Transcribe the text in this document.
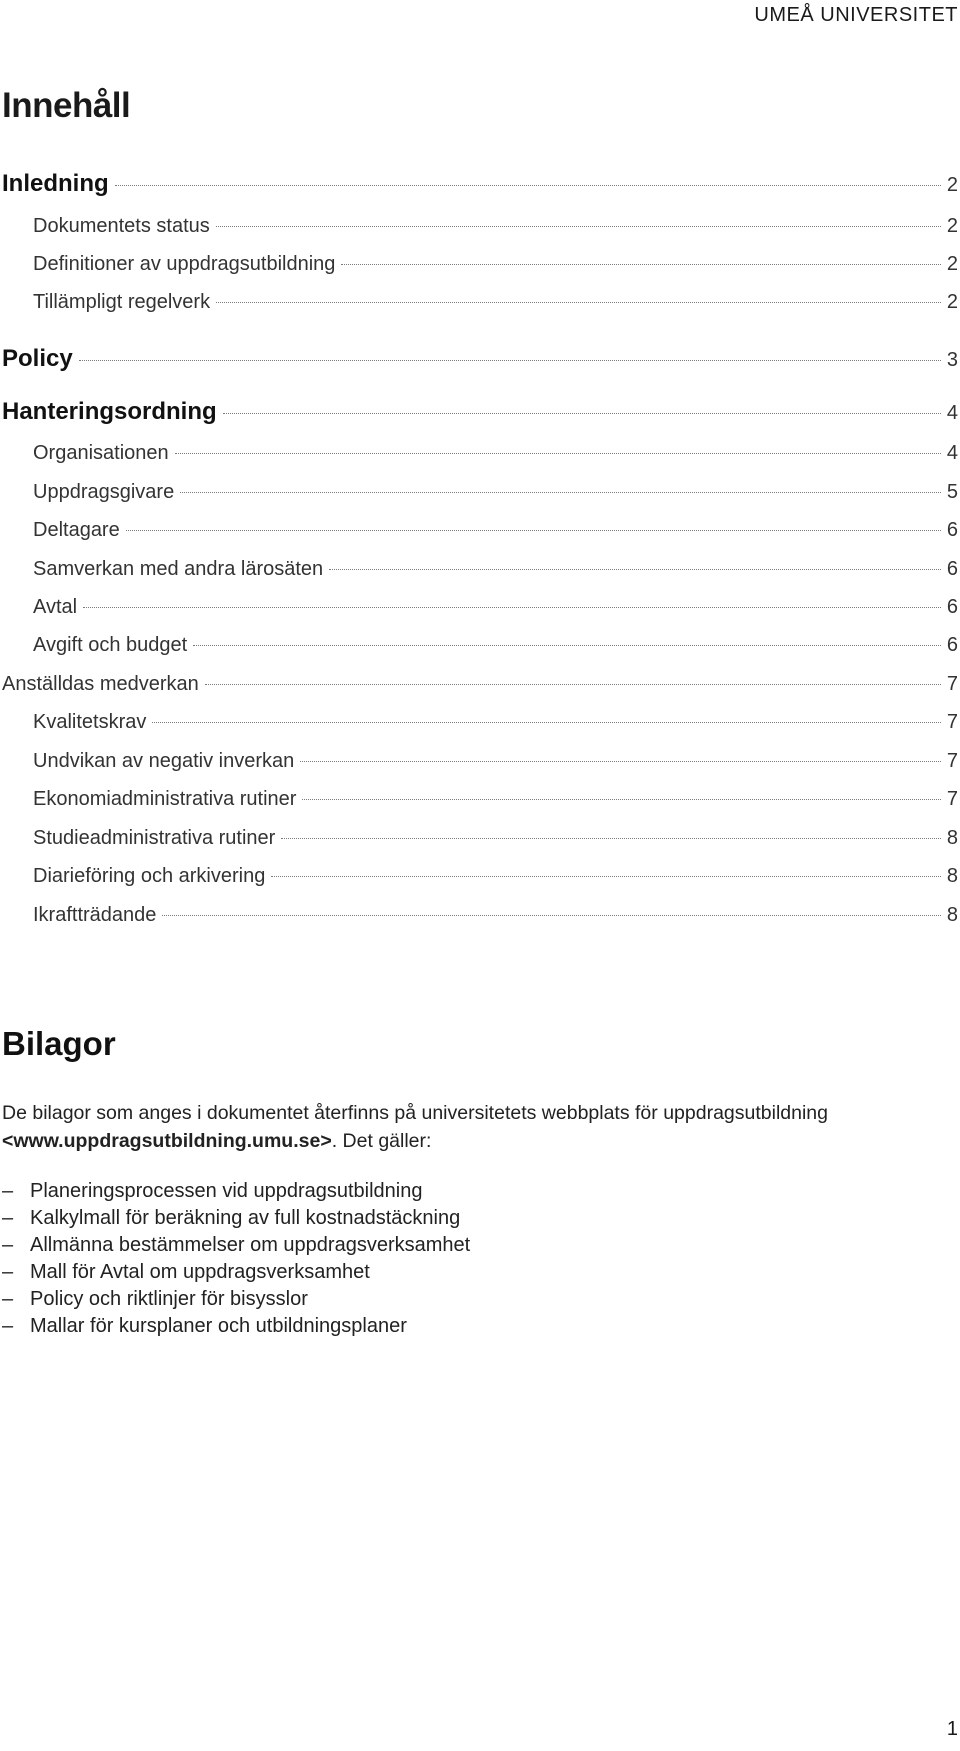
UMEÅ UNIVERSITET
Innehåll
Inledning	2
Dokumentets status	2
Definitioner av uppdragsutbildning	2
Tillämpligt regelverk	2
Policy	3
Hanteringsordning	4
Organisationen	4
Uppdragsgivare	5
Deltagare	6
Samverkan med andra lärosäten	6
Avtal	6
Avgift och budget	6
Anställdas medverkan	7
Kvalitetskrav	7
Undvikan av negativ inverkan	7
Ekonomiadministrativa rutiner	7
Studieadministrativa rutiner	8
Diarieföring och arkivering	8
Ikraftträdande	8
Bilagor

De bilagor som anges i dokumentet återfinns på universitetets webbplats för uppdragsutbildning <www.uppdragsutbildning.umu.se>. Det gäller:

– Planeringsprocessen vid uppdragsutbildning
– Kalkylmall för beräkning av full kostnadstäckning
– Allmänna bestämmelser om uppdragsverksamhet
– Mall för Avtal om uppdragsverksamhet
– Policy och riktlinjer för bisysslor
– Mallar för kursplaner och utbildningsplaner
1
